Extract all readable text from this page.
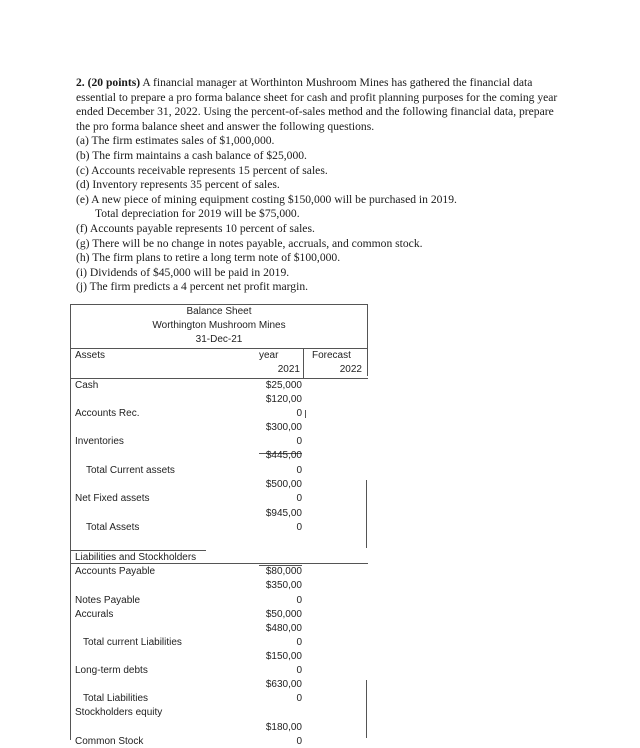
2. (20 points) A financial manager at Worthinton Mushroom Mines has gathered the financial data essential to prepare a pro forma balance sheet for cash and profit planning purposes for the coming year ended December 31, 2022. Using the percent-of-sales method and the following financial data, prepare the pro forma balance sheet and answer the following questions.

(a) The firm estimates sales of $1,000,000.

(b) The firm maintains a cash balance of $25,000.

(c) Accounts receivable represents 15 percent of sales.

(d) Inventory represents 35 percent of sales.

(e) A new piece of mining equipment costing $150,000 will be purchased in 2019.

Total depreciation for 2019 will be $75,000.

(f) Accounts payable represents 10 percent of sales.

(g) There will be no change in notes payable, accruals, and common stock.

(h) The firm plans to retire a long term note of $100,000.

(i) Dividends of $45,000 will be paid in 2019.

(j) The firm predicts a 4 percent net profit margin.

Balance Sheet
Worthington Mushroom Mines
31-Dec-21
Assets	year
2021
Forecast
2022
Cash
Accounts Rec.
Inventories
Total Current assets
Net Fixed assets
Total Assets
Liabilities and Stockholders
Accounts Payable
Notes Payable
Accurals
Total current Liabilities
Long-term debts
Total Liabilities
Stockholders equity
Common Stock
$25,000
$120,00
0
$300,00
0
$445,00
0
$500,00
0
$945,00
0
$80,000
$350,00
0
$50,000
$480,00
0
$150,00
0
$630,00
0
$180,00
0
